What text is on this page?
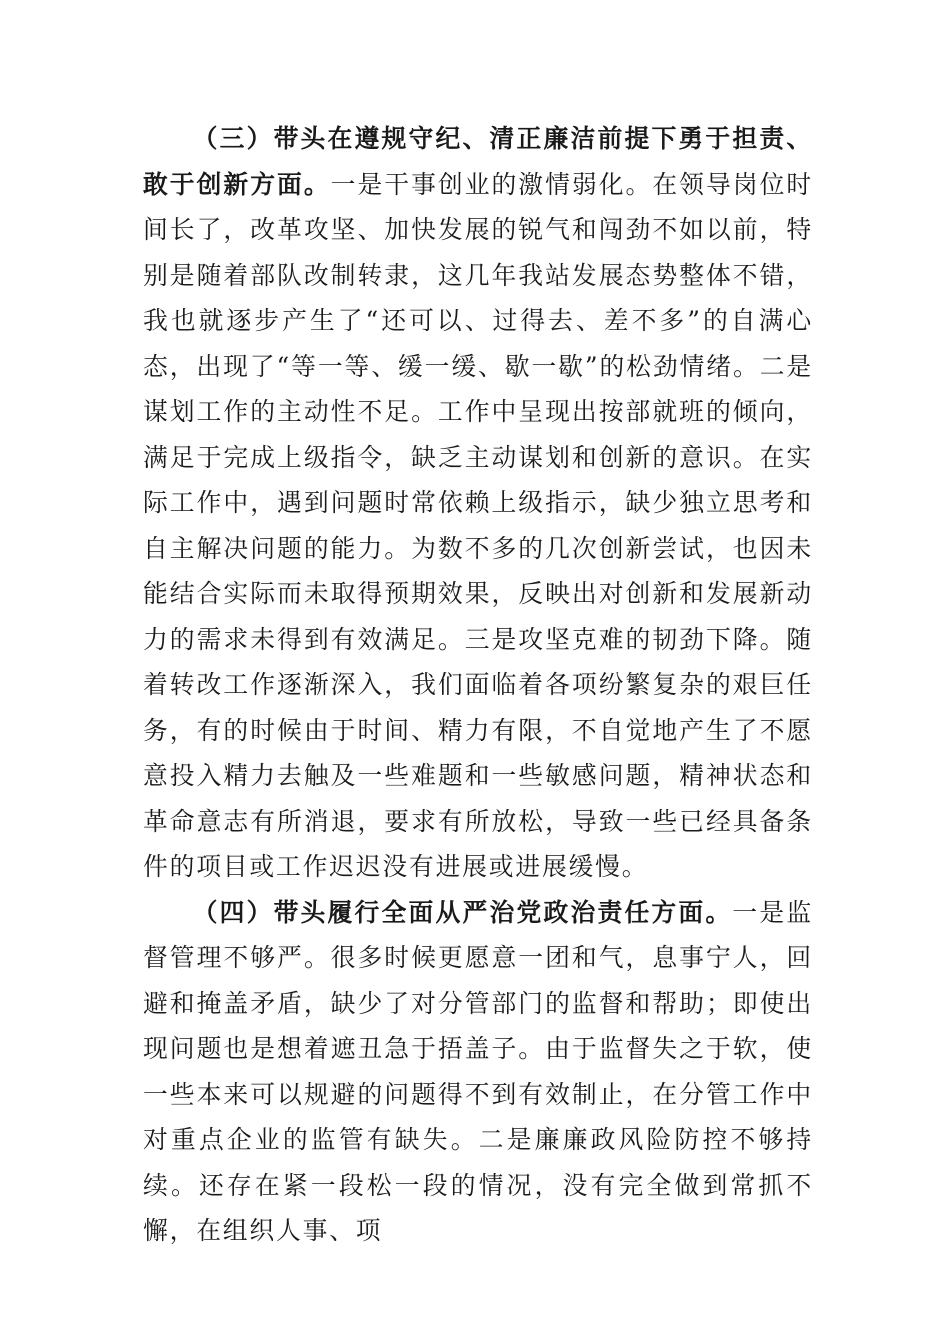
（三）带头在遵规守纪、清正廉洁前提下勇于担责、敢于创新方面。一是干事创业的激情弱化。在领导岗位时间长了，改革攻坚、加快发展的锐气和闯劲不如以前，特别是随着部队改制转隶，这几年我站发展态势整体不错，我也就逐步产生了“还可以、过得去、差不多”的自满心态，出现了“等一等、缓一缓、歇一歇”的松劲情绪。二是谋划工作的主动性不足。工作中呈现出按部就班的倾向，满足于完成上级指令，缺乏主动谋划和创新的意识。在实际工作中，遇到问题时常依赖上级指示，缺少独立思考和自主解决问题的能力。为数不多的几次创新尝试，也因未能结合实际而未取得预期效果，反映出对创新和发展新动力的需求未得到有效满足。三是攻坚克难的韧劲下降。随着转改工作逐渐深入，我们面临着各项纷繁复杂的艰巨任务，有的时候由于时间、精力有限，不自觉地产生了不愿意投入精力去触及一些难题和一些敏感问题，精神状态和革命意志有所消退，要求有所放松，导致一些已经具备条件的项目或工作迟迟没有进展或进展缓慢。

（四）带头履行全面从严治党政治责任方面。一是监督管理不够严。很多时候更愿意一团和气，息事宁人，回避和掩盖矛盾，缺少了对分管部门的监督和帮助；即使出现问题也是想着遮丑急于捂盖子。由于监督失之于软，使一些本来可以规避的问题得不到有效制止，在分管工作中对重点企业的监管有缺失。二是廉廉政风险防控不够持续。还存在紧一段松一段的情况，没有完全做到常抓不懈，在组织人事、项
